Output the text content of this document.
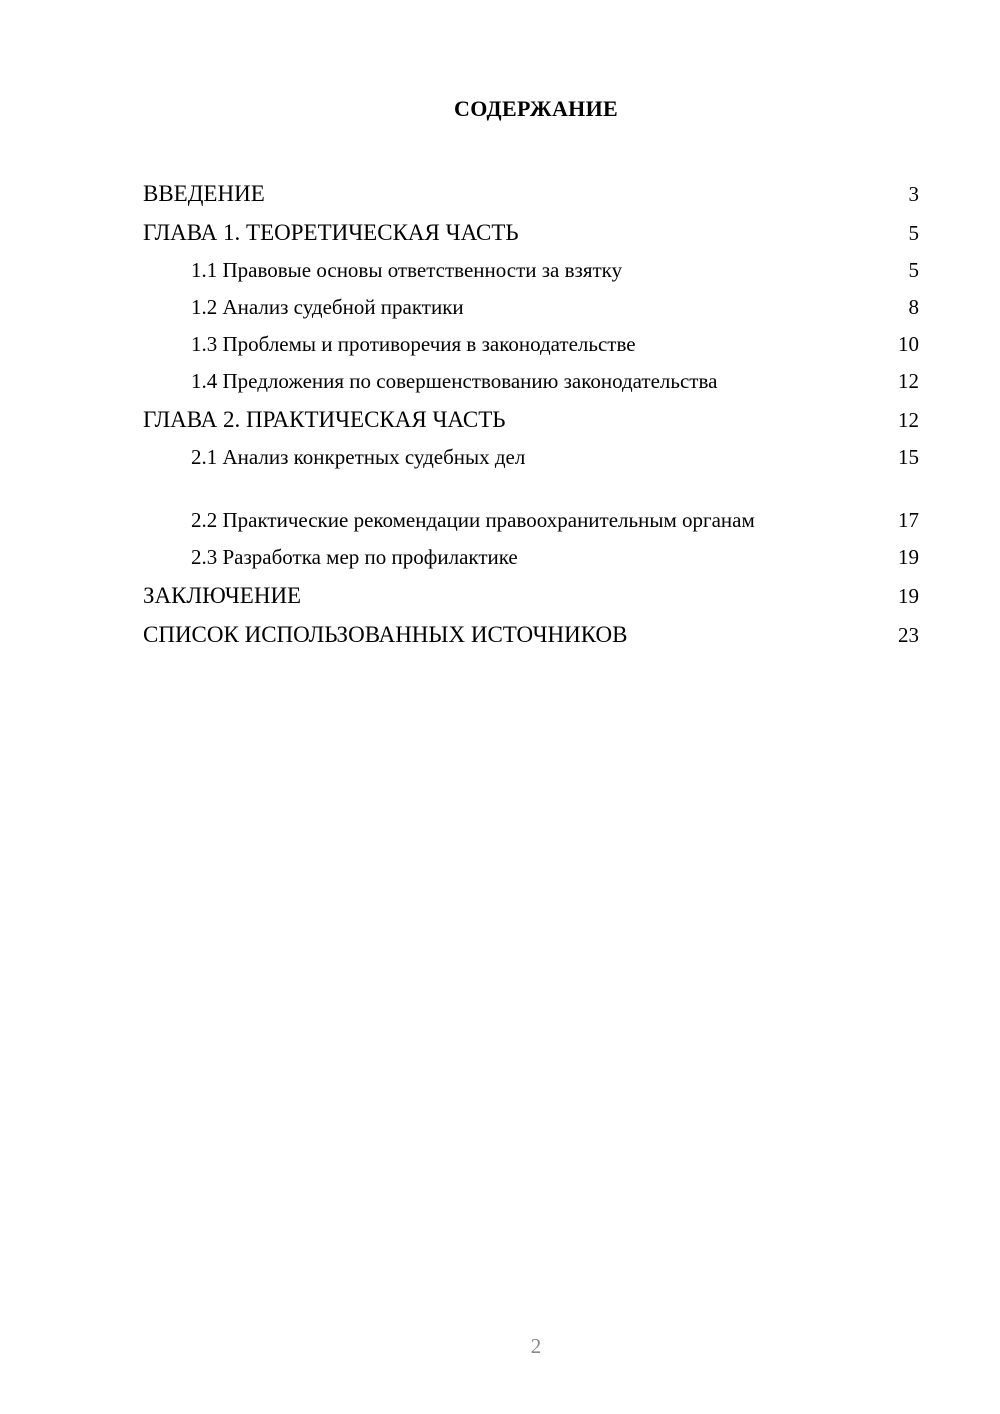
СОДЕРЖАНИЕ
ВВЕДЕНИЕ	3
ГЛАВА 1. ТЕОРЕТИЧЕСКАЯ ЧАСТЬ	5
1.1 Правовые основы ответственности за взятку	5
1.2 Анализ судебной практики	8
1.3 Проблемы и противоречия в законодательстве	10
1.4 Предложения по совершенствованию законодательства	12
ГЛАВА 2. ПРАКТИЧЕСКАЯ ЧАСТЬ	12
2.1 Анализ конкретных судебных дел	15
2.2 Практические рекомендации правоохранительным органам	17
2.3 Разработка мер по профилактике	19
ЗАКЛЮЧЕНИЕ	19
СПИСОК ИСПОЛЬЗОВАННЫХ ИСТОЧНИКОВ	23
2
